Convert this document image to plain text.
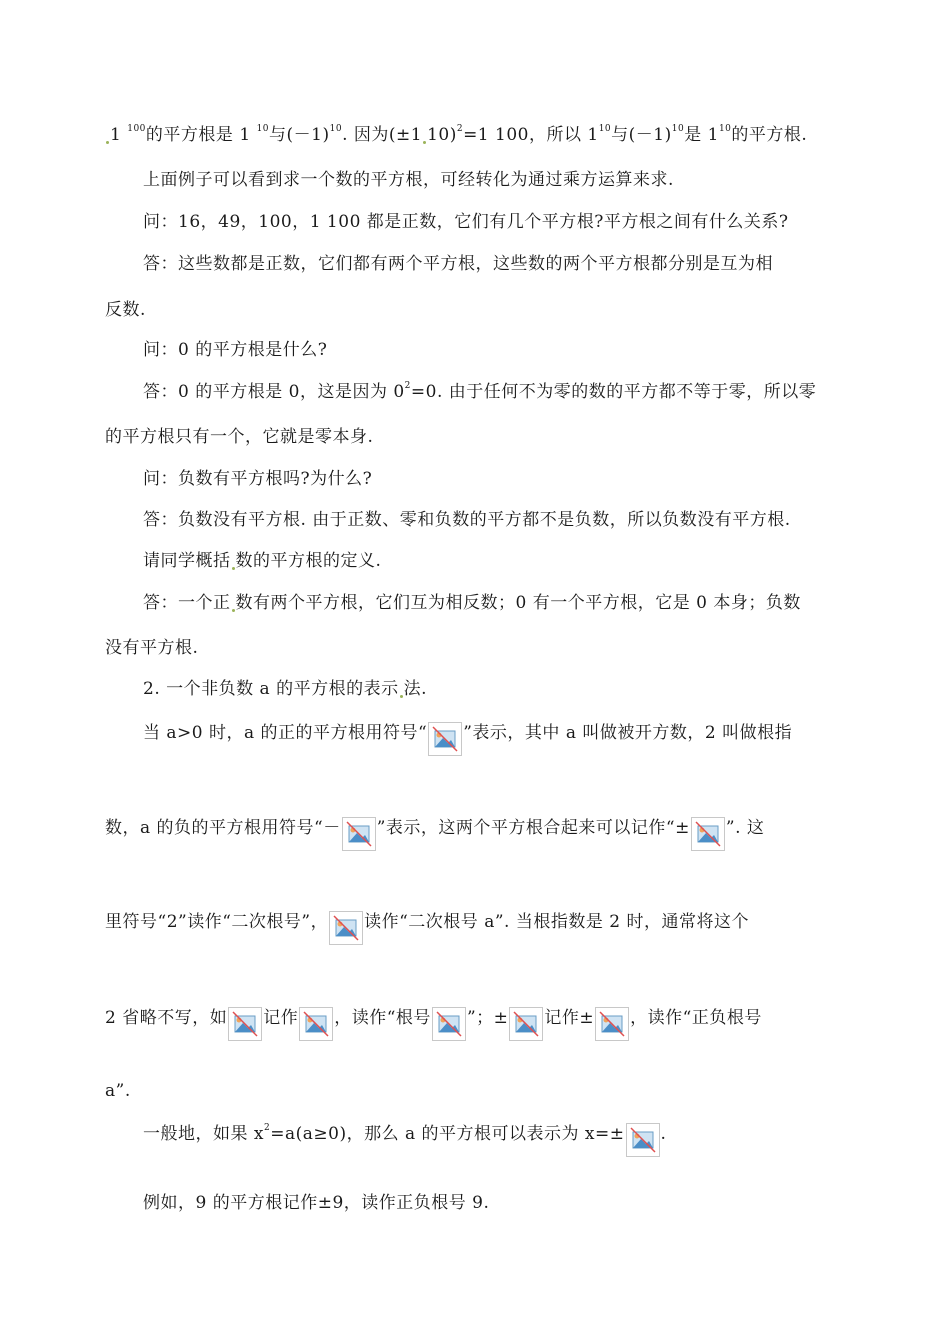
1 $^{100}$的平方根是 1 $^{10}$与$(-1)^{10}$. 因为(±1 10)$^2$=1 100，所以 $1^{10}$与$(-1)^{10}$是 $1^{10}$的平方根.
上面例子可以看到求一个数的平方根，可经转化为通过乘方运算来求.
问：16，49，100，1 100 都是正数，它们有几个平方根?平方根之间有什么关系?
答：这些数都是正数，它们都有两个平方根，这些数的两个平方根都分别是互为相
反数.
问：0 的平方根是什么?
答：0 的平方根是 0，这是因为 $0^2=0$. 由于任何不为零的数的平方都不等于零，所以零
的平方根只有一个，它就是零本身.
问：负数有平方根吗?为什么?
答：负数没有平方根. 由于正数、零和负数的平方都不是负数，所以负数没有平方根.
请同学概括 数的平方根的定义.
答：一个正 数有两个平方根，它们互为相反数；0 有一个平方根，它是 0 本身；负数
没有平方根.
2. 一个非负数 a 的平方根的表示 法.
当 a>0 时，a 的正的平方根用符号“ ”表示，其中 a 叫做被开方数，2 叫做根指
数，a 的负的平方根用符号“－ ”表示，这两个平方根合起来可以记作“± ”. 这
里符号“2”读作“二次根号”， 读作“二次根号 a”. 当根指数是 2 时，通常将这个
2 省略不写，如 记作 ，读作“根号 ”；± 记作± ，读作“正负根号
a”.
一般地，如果 $x^2=a(a\ge 0)$，那么 a 的平方根可以表示为 x=± .
例如，9 的平方根记作±9，读作正负根号 9.
